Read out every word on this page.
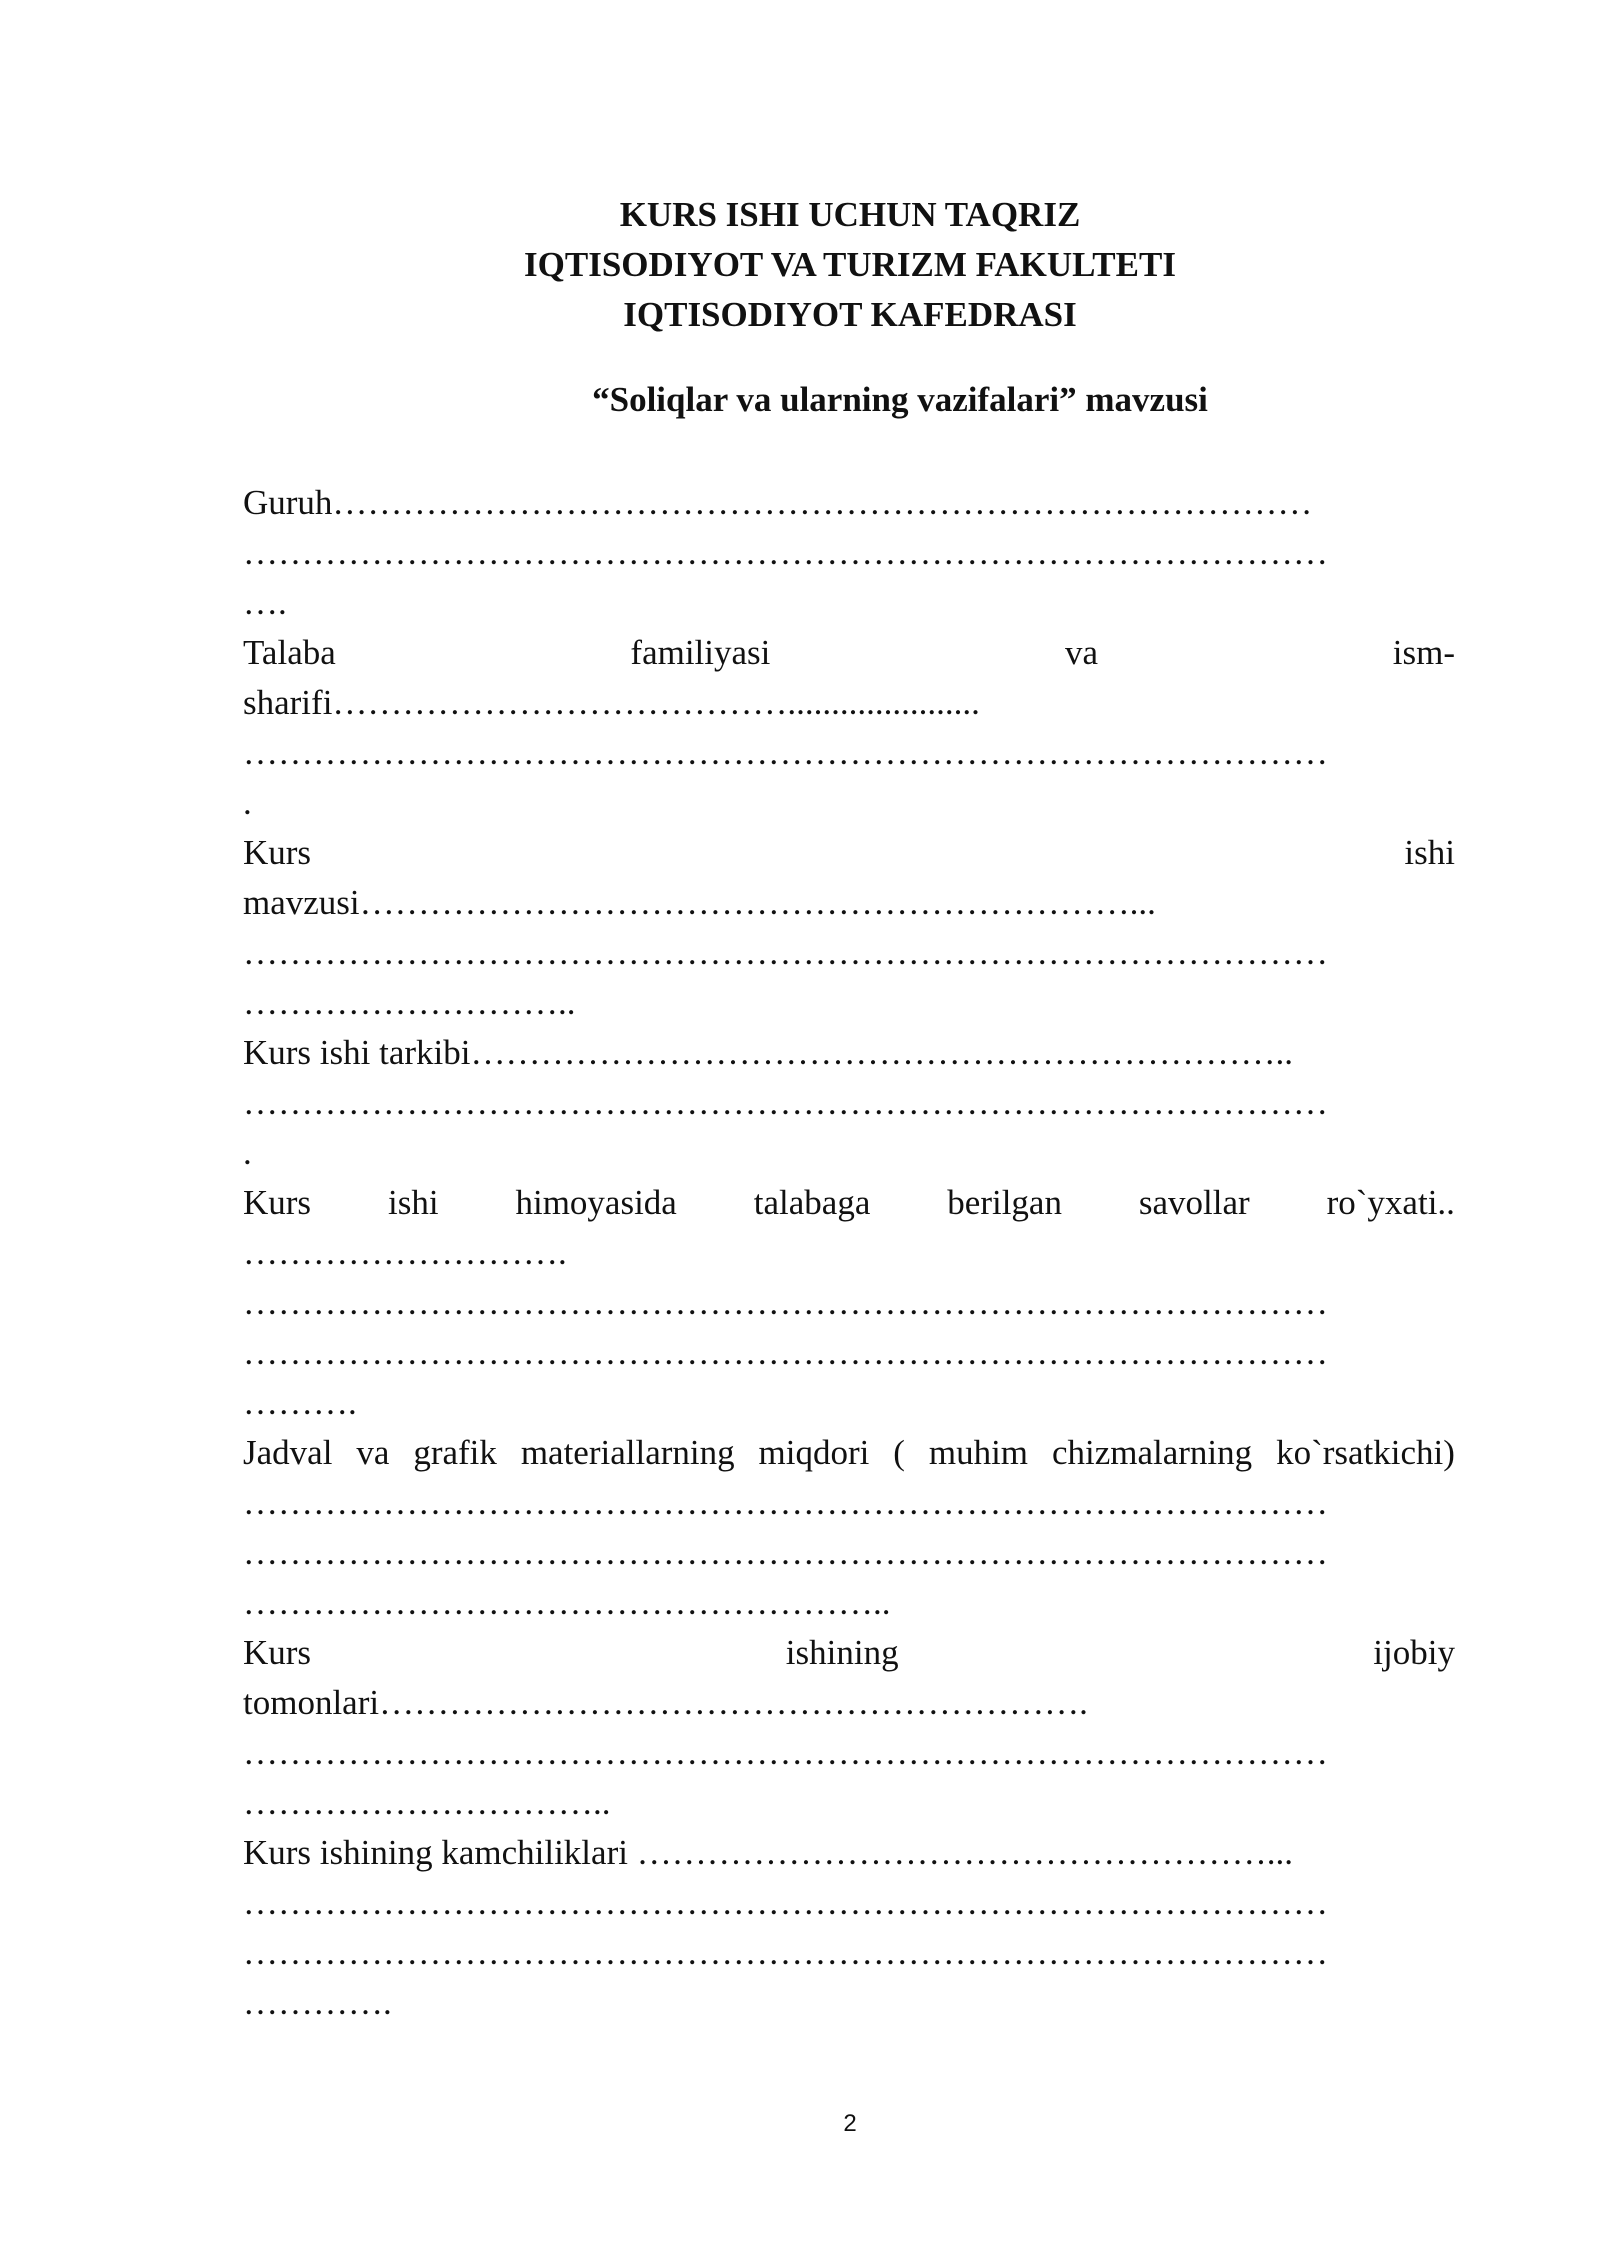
KURS ISHI UCHUN TAQRIZ
IQTISODIYOT VA TURIZM FAKULTETI
IQTISODIYOT KAFEDRASI
“Soliqlar va ularning vazifalari” mavzusi
Guruh…………………………………………………………………………
…………………………………………………………………………………
….
Talaba	familiyasi	va	ism-
sharifi…………………………………......................
…………………………………………………………………………………
.
Kurs	ishi
mavzusi…………………………………………………………...
…………………………………………………………………………………
………………………..
Kurs ishi tarkibi……………………………………………………………..
…………………………………………………………………………………
.
Kurs ishi himoyasida talabaga berilgan savollar ro`yxati..
……………………….
…………………………………………………………………………………
…………………………………………………………………………………
……….
Jadval va grafik materiallarning miqdori ( muhim chizmalarning ko`rsatkichi)
…………………………………………………………………………………
…………………………………………………………………………………
………………………………………………..
Kurs	ishining	ijobiy
tomonlari…………………………………………………….
…………………………………………………………………………………
…………………………..
Kurs ishining kamchiliklari ………………………………………………...
…………………………………………………………………………………
…………………………………………………………………………………
………….
2
